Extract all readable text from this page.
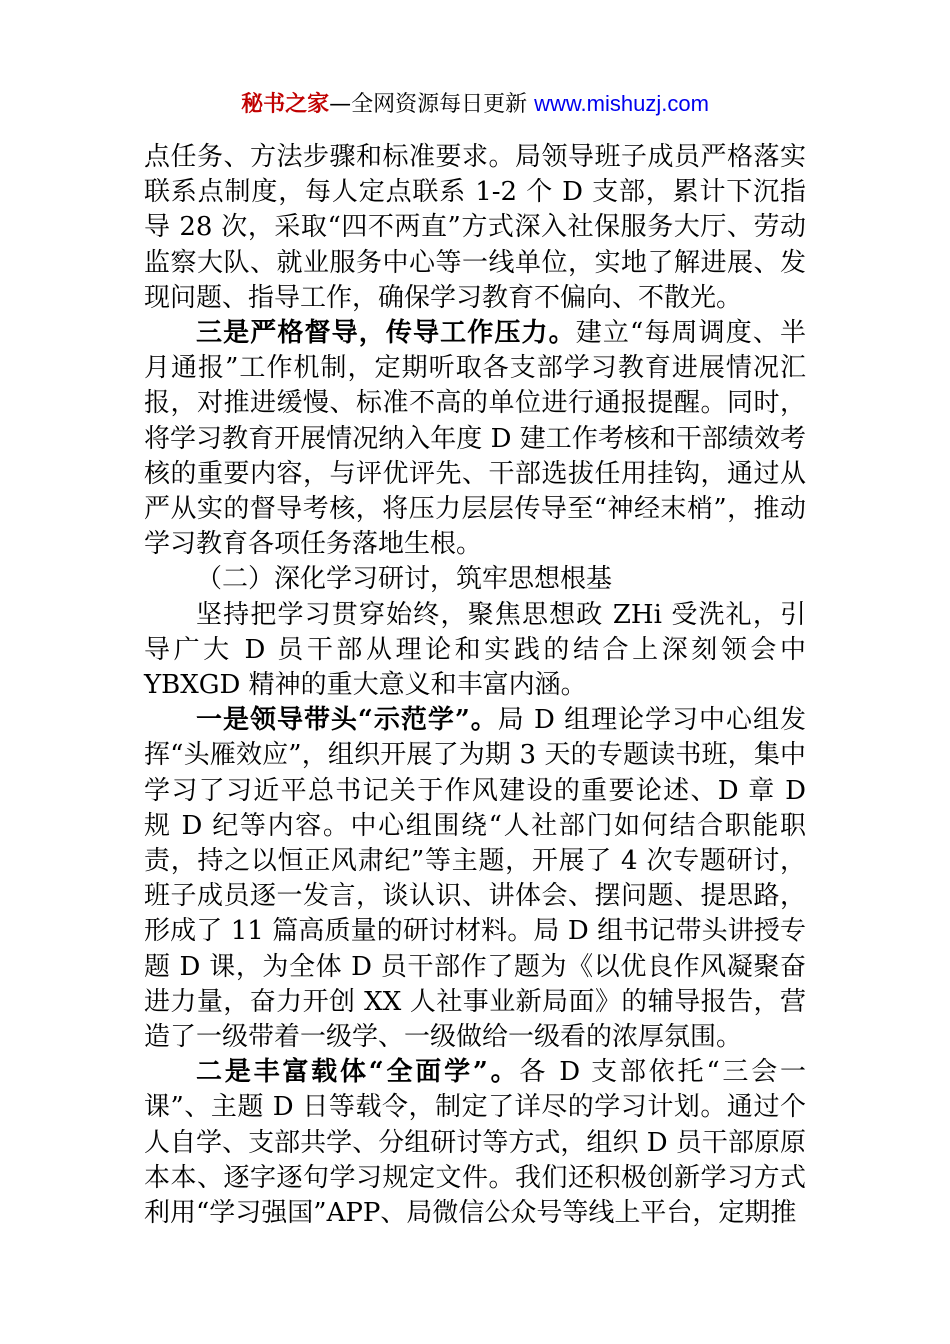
秘书之家—全网资源每日更新 www.mishuzj.com

点任务、方法步骤和标准要求。局领导班子成员严格落实联系点制度，每人定点联系 1-2 个 D 支部，累计下沉指导 28 次，采取“四不两直”方式深入社保服务大厅、劳动监察大队、就业服务中心等一线单位，实地了解进展、发现问题、指导工作，确保学习教育不偏向、不散光。

三是严格督导，传导工作压力。建立“每周调度、半月通报”工作机制，定期听取各支部学习教育进展情况汇报，对推进缓慢、标准不高的单位进行通报提醒。同时，将学习教育开展情况纳入年度 D 建工作考核和干部绩效考核的重要内容，与评优评先、干部选拔任用挂钩，通过从严从实的督导考核，将压力层层传导至“神经末梢”，推动学习教育各项任务落地生根。

（二）深化学习研讨，筑牢思想根基

坚持把学习贯穿始终，聚焦思想政 ZHi 受洗礼，引导广大 D 员干部从理论和实践的结合上深刻领会中 YBXGD 精神的重大意义和丰富内涵。

一是领导带头“示范学”。局 D 组理论学习中心组发挥“头雁效应”，组织开展了为期 3 天的专题读书班，集中学习了习近平总书记关于作风建设的重要论述、D 章 D 规 D 纪等内容。中心组围绕“人社部门如何结合职能职责，持之以恒正风肃纪”等主题，开展了 4 次专题研讨，班子成员逐一发言，谈认识、讲体会、摆问题、提思路，形成了 11 篇高质量的研讨材料。局 D 组书记带头讲授专题 D 课，为全体 D 员干部作了题为《以优良作风凝聚奋进力量，奋力开创 XX 人社事业新局面》的辅导报告，营造了一级带着一级学、一级做给一级看的浓厚氛围。

二是丰富载体“全面学”。各 D 支部依托“三会一课”、主题 D 日等载令，制定了详尽的学习计划。通过个人自学、支部共学、分组研讨等方式，组织 D 员干部原原本本、逐字逐句学习规定文件。我们还积极创新学习方式利用“学习强国”APP、局微信公众号等线上平台，定期推
